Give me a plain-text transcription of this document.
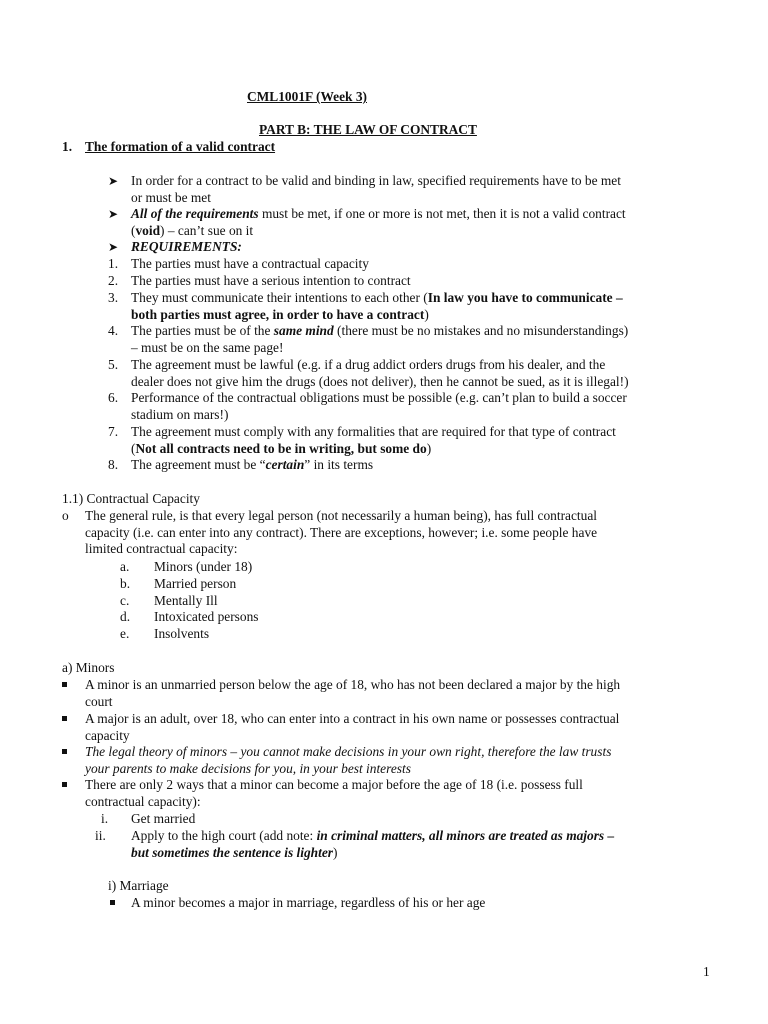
CML1001F (Week 3)
PART B: THE LAW OF CONTRACT
1. The formation of a valid contract
➤ In order for a contract to be valid and binding in law, specified requirements have to be met
or must be met
➤ All of the requirements must be met, if one or more is not met, then it is not a valid contract
(void) – can’t sue on it
➤ REQUIREMENTS:
1. The parties must have a contractual capacity
2. The parties must have a serious intention to contract
3. They must communicate their intentions to each other (In law you have to communicate –
both parties must agree, in order to have a contract)
4. The parties must be of the same mind (there must be no mistakes and no misunderstandings)
– must be on the same page!
5. The agreement must be lawful (e.g. if a drug addict orders drugs from his dealer, and the
dealer does not give him the drugs (does not deliver), then he cannot be sued, as it is illegal!)
6. Performance of the contractual obligations must be possible (e.g. can’t plan to build a soccer
stadium on mars!)
7. The agreement must comply with any formalities that are required for that type of contract
(Not all contracts need to be in writing, but some do)
8. The agreement must be “certain” in its terms
1.1) Contractual Capacity
o The general rule, is that every legal person (not necessarily a human being), has full contractual
capacity (i.e. can enter into any contract). There are exceptions, however; i.e. some people have
limited contractual capacity:
a. Minors (under 18)
b. Married person
c. Mentally Ill
d. Intoxicated persons
e. Insolvents
a) Minors
A minor is an unmarried person below the age of 18, who has not been declared a major by the high
court
A major is an adult, over 18, who can enter into a contract in his own name or possesses contractual
capacity
The legal theory of minors – you cannot make decisions in your own right, therefore the law trusts
your parents to make decisions for you, in your best interests
There are only 2 ways that a minor can become a major before the age of 18 (i.e. possess full
contractual capacity):
i. Get married
ii. Apply to the high court (add note: in criminal matters, all minors are treated as majors –
but sometimes the sentence is lighter)
i) Marriage
A minor becomes a major in marriage, regardless of his or her age
1
